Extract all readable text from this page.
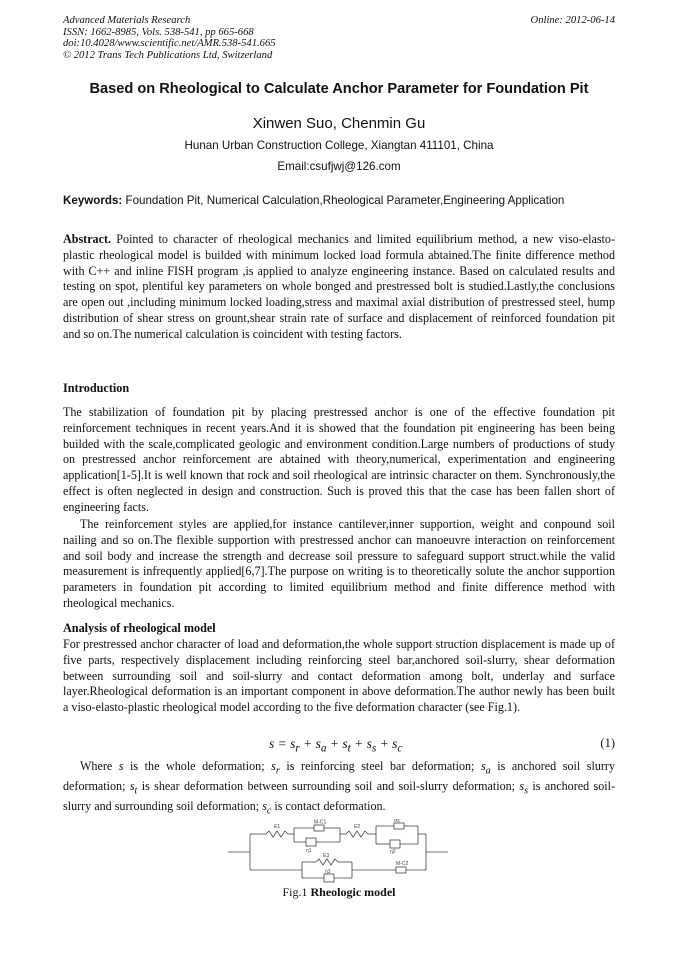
Advanced Materials Research
ISSN: 1662-8985, Vols. 538-541, pp 665-668
doi:10.4028/www.scientific.net/AMR.538-541.665
© 2012 Trans Tech Publications Ltd, Switzerland
Online: 2012-06-14
Based on Rheological to Calculate Anchor Parameter for Foundation Pit
Xinwen Suo, Chenmin Gu
Hunan Urban Construction College, Xiangtan 411101, China
Email:csufjwj@126.com
Keywords: Foundation Pit, Numerical Calculation,Rheological Parameter,Engineering Application
Abstract. Pointed to character of rheological mechanics and limited equilibrium method, a new viso-elasto-plastic rheological model is builded with minimum locked load formula abtained.The finite difference method with C++ and inline FISH program ,is applied to analyze engineering instance. Based on calculated results and testing on spot, plentiful key parameters on whole bonged and prestressed bolt is studied.Lastly,the conclusions are open out ,including minimum locked loading,stress and maximal axial distribution of prestressed steel, hump distribution of shear stress on grount,shear strain rate of surface and displacement of reinforced foundation pit and so on.The numerical calculation is coincident with testing factors.
Introduction
The stabilization of foundation pit by placing prestressed anchor is one of the effective foundation pit reinforcement techniques in recent years.And it is showed that the foundation pit engineering has been being builded with the scale,complicated geologic and environment condition.Large numbers of productions of study on prestressed anchor reinforcement are abtained with theory,numerical, experimentation and engineering application[1-5].It is well known that rock and soil rheological are intrinsic character on them. Synchronously,the effect is often neglected in design and construction. Such is proved this that the case has been fallen short of engineering facts.
The reinforcement styles are applied,for instance cantilever,inner supportion, weight and conpound soil nailing and so on.The flexible supportion with prestressed anchor can manoeuvre interaction on reinforcement and soil body and increase the strength and decrease soil pressure to safeguard support struct.while the valid measurement is infrequently applied[6,7].The purpose on writing is to theoretically solute the anchor supportion parameters in foundation pit according to limited equilibrium method and finite difference method with rheological mechanics.
Analysis of rheological model
For prestressed anchor character of load and deformation,the whole support struction displacement is made up of five parts, respectively displacement including reinforcing steel bar,anchored soil-slurry, shear deformation between surrounding soil and soil-slurry and contact deformation among bolt, underlay and surface layer.Rheological deformation is an important component in above deformation.The author newly has been built a viso-elasto-plastic rheological model according to the five deformation character (see Fig.1).
$s = s_r + s_a + s_t + s_s + s_c$	(1)
Where s is the whole deformation; $s_r$ is reinforcing steel bar deformation; $s_a$ is anchored soil slurry deformation; $s_t$ is shear deformation between surrounding soil and soil-slurry deformation; $s_s$ is anchored soil-slurry and surrounding soil deformation; $s_c$ is contact deformation.
E1
M-C1
η1
E2
σs
η2
E3
M-C2
η3
Fig.1 Rheologic model
